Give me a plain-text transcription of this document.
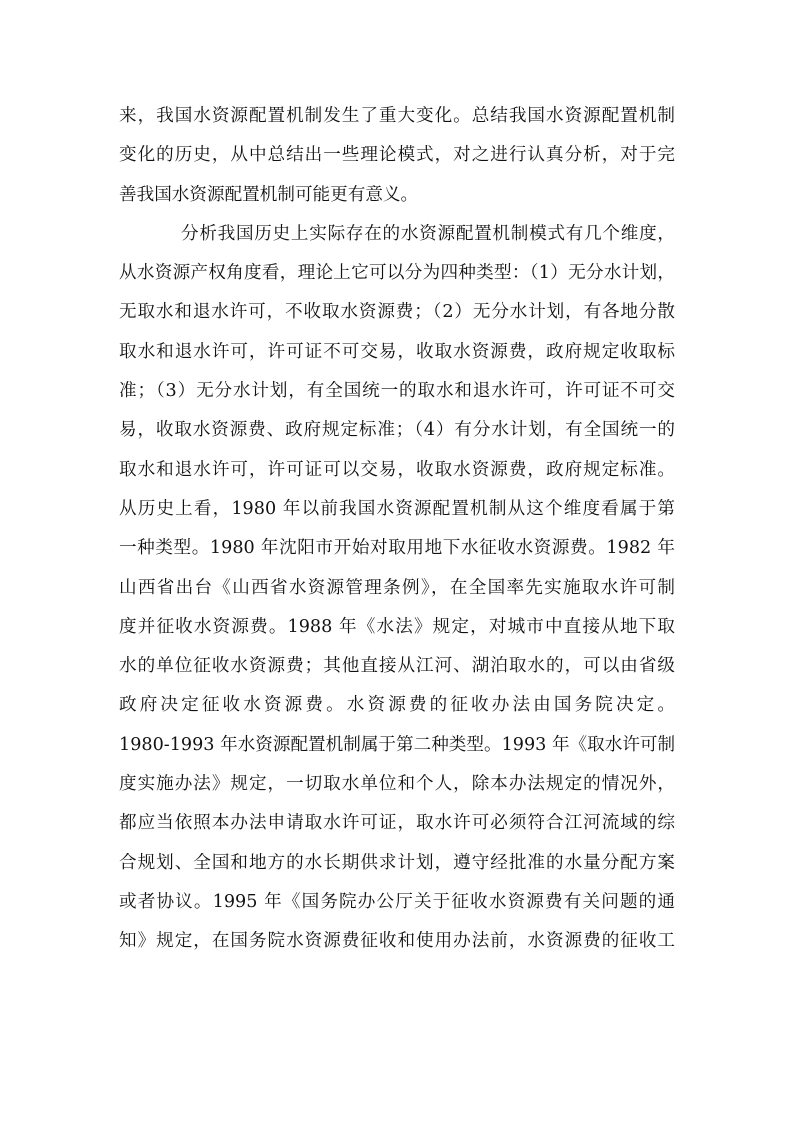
来，我国水资源配置机制发生了重大变化。总结我国水资源配置机制
变化的历史，从中总结出一些理论模式，对之进行认真分析，对于完
善我国水资源配置机制可能更有意义。
分析我国历史上实际存在的水资源配置机制模式有几个维度，
从水资源产权角度看，理论上它可以分为四种类型：（1）无分水计划，
无取水和退水许可，不收取水资源费；（2）无分水计划，有各地分散
取水和退水许可，许可证不可交易，收取水资源费，政府规定收取标
准；（3）无分水计划，有全国统一的取水和退水许可，许可证不可交
易，收取水资源费、政府规定标准；（4）有分水计划，有全国统一的
取水和退水许可，许可证可以交易，收取水资源费，政府规定标准。
从历史上看，1980 年以前我国水资源配置机制从这个维度看属于第
一种类型。1980 年沈阳市开始对取用地下水征收水资源费。1982 年
山西省出台《山西省水资源管理条例》，在全国率先实施取水许可制
度并征收水资源费。1988 年《水法》规定，对城市中直接从地下取
水的单位征收水资源费；其他直接从江河、湖泊取水的，可以由省级
政府决定征收水资源费。水资源费的征收办法由国务院决定。
1980-1993 年水资源配置机制属于第二种类型。1993 年《取水许可制
度实施办法》规定，一切取水单位和个人，除本办法规定的情况外，
都应当依照本办法申请取水许可证，取水许可必须符合江河流域的综
合规划、全国和地方的水长期供求计划，遵守经批准的水量分配方案
或者协议。1995 年《国务院办公厅关于征收水资源费有关问题的通
知》规定，在国务院水资源费征收和使用办法前，水资源费的征收工
